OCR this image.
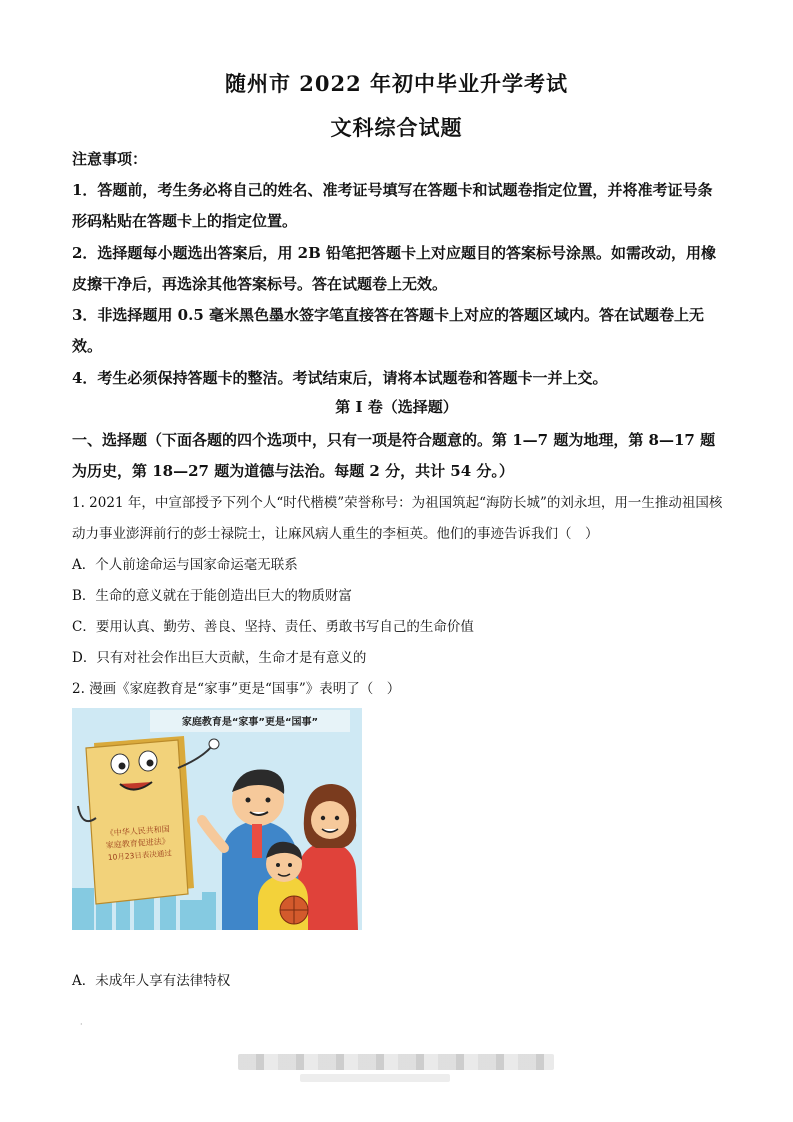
随州市 2022 年初中毕业升学考试
文科综合试题
注意事项：

1．答题前，考生务必将自己的姓名、准考证号填写在答题卡和试题卷指定位置，并将准考证号条形码粘贴在答题卡上的指定位置。

2．选择题每小题选出答案后，用 2B 铅笔把答题卡上对应题目的答案标号涂黑。如需改动，用橡皮擦干净后，再选涂其他答案标号。答在试题卷上无效。

3．非选择题用 0.5 毫米黑色墨水签字笔直接答在答题卡上对应的答题区域内。答在试题卷上无效。

4．考生必须保持答题卡的整洁。考试结束后，请将本试题卷和答题卡一并上交。

第 I 卷（选择题）

一、选择题（下面各题的四个选项中，只有一项是符合题意的。第 1—7 题为地理，第 8—17 题为历史，第 18—27 题为道德与法治。每题 2 分，共计 54 分。）

1. 2021 年，中宣部授予下列个人“时代楷模”荣誉称号：为祖国筑起“海防长城”的刘永坦，用一生推动祖国核动力事业澎湃前行的彭士禄院士，让麻风病人重生的李桓英。他们的事迹告诉我们（　）

A．个人前途命运与国家命运毫无联系

B．生命的意义就在于能创造出巨大的物质财富

C．要用认真、勤劳、善良、坚持、责任、勇敢书写自己的生命价值

D．只有对社会作出巨大贡献，生命才是有意义的

2. 漫画《家庭教育是“家事”更是“国事”》表明了（　）

家庭教育是“家事”更是“国事”
《中华人民共和国
家庭教育促进法》
10月23日表决通过

A．未成年人享有法律特权

·
